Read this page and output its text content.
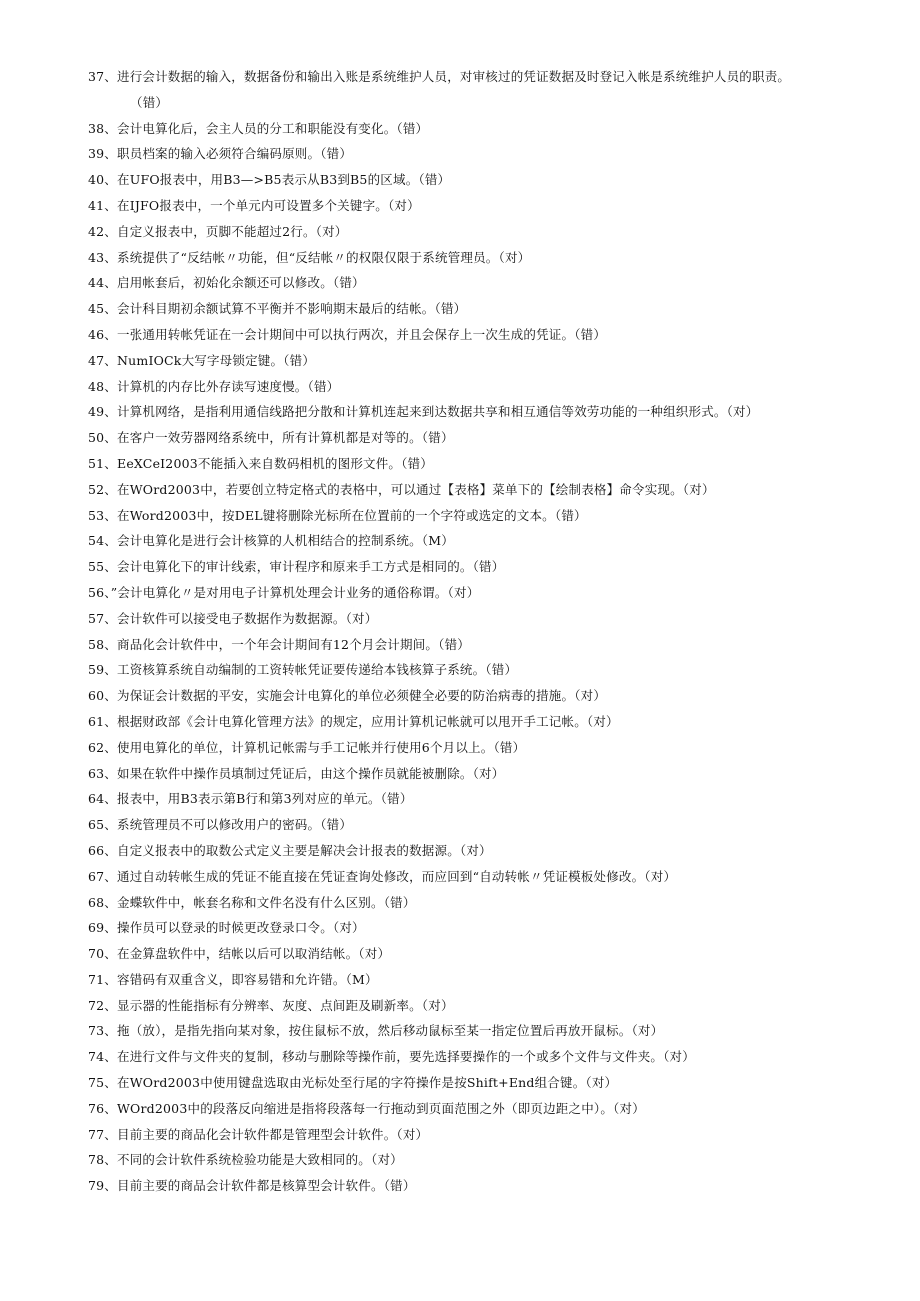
37、进行会计数据的输入，数据备份和输出入账是系统维护人员，对审核过的凭证数据及时登记入帐是系统维护人员的职责。
（错）
38、会计电算化后，会主人员的分工和职能没有变化。（错）
39、职员档案的输入必须符合编码原则。（错）
40、在UFO报表中，用B3—>B5表示从B3到B5的区域。（错）
41、在IJFO报表中，一个单元内可设置多个关键字。（对）
42、自定义报表中，页脚不能超过2行。（对）
43、系统提供了“反结帐〃功能，但“反结帐〃的权限仅限于系统管理员。（对）
44、启用帐套后，初始化余额还可以修改。（错）
45、会计科目期初余额试算不平衡并不影响期末最后的结帐。（错）
46、一张通用转帐凭证在一会计期间中可以执行两次，并且会保存上一次生成的凭证。（错）
47、NumIOCk大写字母锁定键。（错）
48、计算机的内存比外存读写速度慢。（错）
49、计算机网络，是指利用通信线路把分散和计算机连起来到达数据共享和相互通信等效劳功能的一种组织形式。（对）
50、在客户一效劳器网络系统中，所有计算机都是对等的。（错）
51、EeXCeI2003不能插入来自数码相机的图形文件。（错）
52、在WOrd2003中，若要创立特定格式的表格中，可以通过【表格】菜单下的【绘制表格】命令实现。（对）
53、在Word2003中，按DEL键将删除光标所在位置前的一个字符或选定的文本。（错）
54、会计电算化是进行会计核算的人机相结合的控制系统。（M）
55、会计电算化下的审计线索，审计程序和原来手工方式是相同的。（错）
56、”会计电算化〃是对用电子计算机处理会计业务的通俗称谓。（对）
57、会计软件可以接受电子数据作为数据源。（对）
58、商品化会计软件中，一个年会计期间有12个月会计期间。（错）
59、工资核算系统自动编制的工资转帐凭证要传递给本钱核算子系统。（错）
60、为保证会计数据的平安，实施会计电算化的单位必须健全必要的防治病毒的措施。（对）
61、根据财政部《会计电算化管理方法》的规定，应用计算机记帐就可以甩开手工记帐。（对）
62、使用电算化的单位，计算机记帐需与手工记帐并行使用6个月以上。（错）
63、如果在软件中操作员填制过凭证后，由这个操作员就能被删除。（对）
64、报表中，用B3表示第B行和第3列对应的单元。（错）
65、系统管理员不可以修改用户的密码。（错）
66、自定义报表中的取数公式定义主要是解决会计报表的数据源。（对）
67、通过自动转帐生成的凭证不能直接在凭证查询处修改，而应回到“自动转帐〃凭证模板处修改。（对）
68、金蝶软件中，帐套名称和文件名没有什么区别。（错）
69、操作员可以登录的时候更改登录口令。（对）
70、在金算盘软件中，结帐以后可以取消结帐。（对）
71、容错码有双重含义，即容易错和允许错。（M）
72、显示器的性能指标有分辨率、灰度、点间距及刷新率。（对）
73、拖（放），是指先指向某对象，按住鼠标不放，然后移动鼠标至某一指定位置后再放开鼠标。（对）
74、在进行文件与文件夹的复制，移动与删除等操作前，要先选择要操作的一个或多个文件与文件夹。（对）
75、在WOrd2003中使用键盘选取由光标处至行尾的字符操作是按Shift+End组合键。（对）
76、WOrd2003中的段落反向缩进是指将段落每一行拖动到页面范围之外（即页边距之中）。（对）
77、目前主要的商品化会计软件都是管理型会计软件。（对）
78、不同的会计软件系统检验功能是大致相同的。（对）
79、目前主要的商品会计软件都是核算型会计软件。（错）
